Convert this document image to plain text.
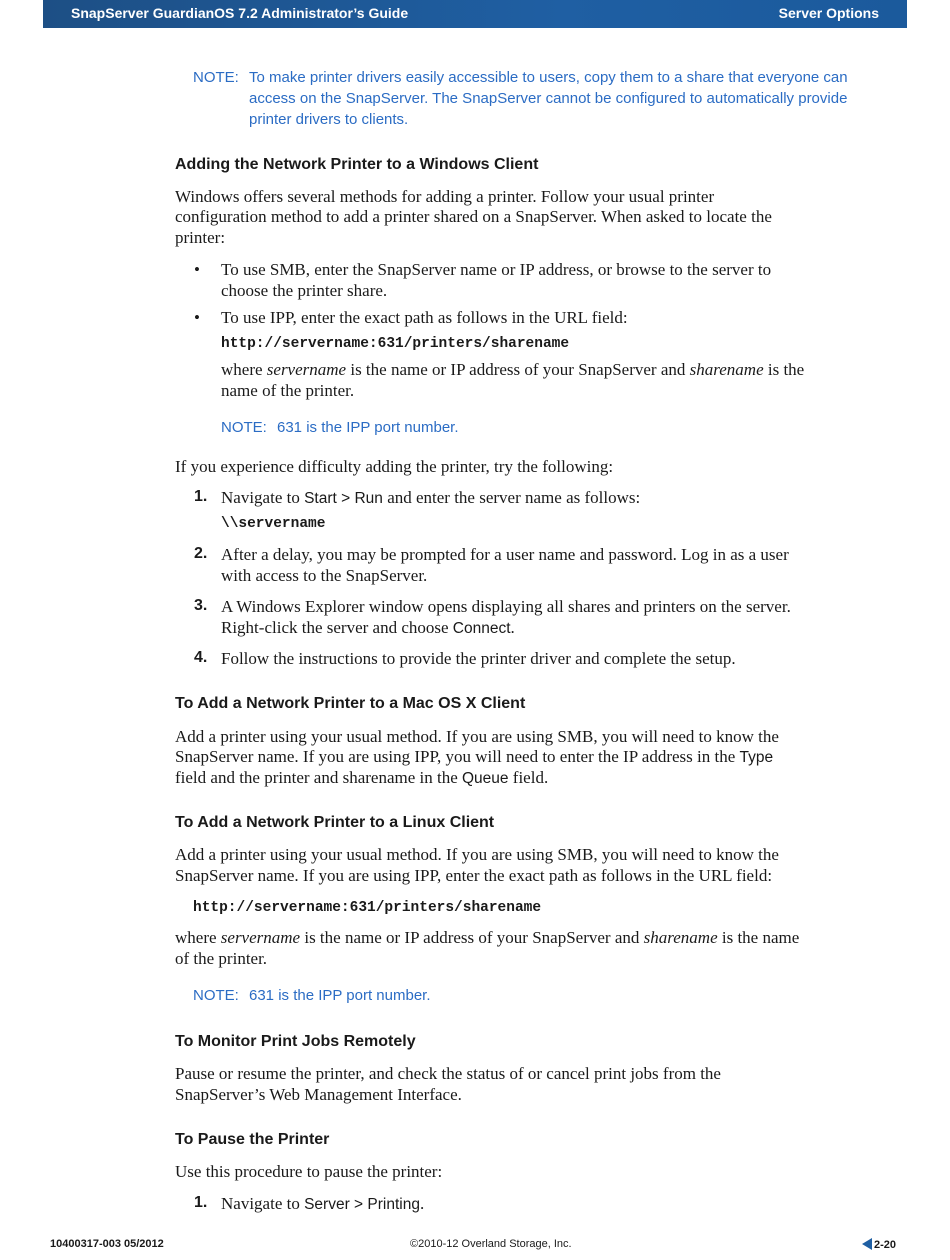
SnapServer GuardianOS 7.2 Administrator’s Guide	Server Options
NOTE: To make printer drivers easily accessible to users, copy them to a share that everyone can
access on the SnapServer. The SnapServer cannot be configured to automatically provide
printer drivers to clients.
Adding the Network Printer to a Windows Client
Windows offers several methods for adding a printer. Follow your usual printer
configuration method to add a printer shared on a SnapServer. When asked to locate the
printer:
• To use SMB, enter the SnapServer name or IP address, or browse to the server to
choose the printer share.
• To use IPP, enter the exact path as follows in the URL field:
http://servername:631/printers/sharename
where servername is the name or IP address of your SnapServer and sharename is the
name of the printer.
NOTE: 631 is the IPP port number.
If you experience difficulty adding the printer, try the following:
1. Navigate to Start > Run and enter the server name as follows:
\\servername
2. After a delay, you may be prompted for a user name and password. Log in as a user
with access to the SnapServer.
3. A Windows Explorer window opens displaying all shares and printers on the server.
Right-click the server and choose Connect.
4. Follow the instructions to provide the printer driver and complete the setup.
To Add a Network Printer to a Mac OS X Client
Add a printer using your usual method. If you are using SMB, you will need to know the
SnapServer name. If you are using IPP, you will need to enter the IP address in the Type
field and the printer and sharename in the Queue field.
To Add a Network Printer to a Linux Client
Add a printer using your usual method. If you are using SMB, you will need to know the
SnapServer name. If you are using IPP, enter the exact path as follows in the URL field:
http://servername:631/printers/sharename
where servername is the name or IP address of your SnapServer and sharename is the name
of the printer.
NOTE: 631 is the IPP port number.
To Monitor Print Jobs Remotely
Pause or resume the printer, and check the status of or cancel print jobs from the
SnapServer’s Web Management Interface.
To Pause the Printer
Use this procedure to pause the printer:
1. Navigate to Server > Printing.
10400317-003 05/2012	©2010-12 Overland Storage, Inc.	2-20
